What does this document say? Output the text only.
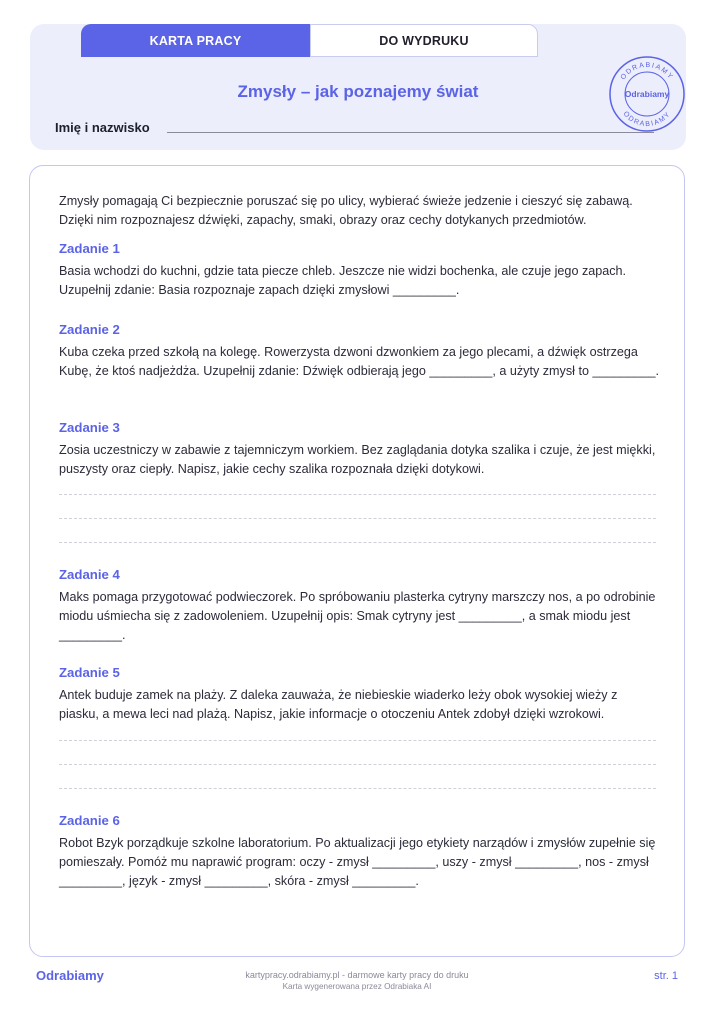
KARTA PRACY	DO WYDRUKU
Zmysły – jak poznajemy świat
Imię i nazwisko
ODRABIAMY
Odrabiamy
ODRABIAMY

Zmysły pomagają Ci bezpiecznie poruszać się po ulicy, wybierać świeże jedzenie i cieszyć się zabawą. Dzięki nim rozpoznajesz dźwięki, zapachy, smaki, obrazy oraz cechy dotykanych przedmiotów.

Zadanie 1

Basia wchodzi do kuchni, gdzie tata piecze chleb. Jeszcze nie widzi bochenka, ale czuje jego zapach. Uzupełnij zdanie: Basia rozpoznaje zapach dzięki zmysłowi _________.

Zadanie 2

Kuba czeka przed szkołą na kolegę. Rowerzysta dzwoni dzwonkiem za jego plecami, a dźwięk ostrzega Kubę, że ktoś nadjeżdża. Uzupełnij zdanie: Dźwięk odbierają jego _________, a użyty zmysł to _________.

Zadanie 3

Zosia uczestniczy w zabawie z tajemniczym workiem. Bez zaglądania dotyka szalika i czuje, że jest miękki, puszysty oraz ciepły. Napisz, jakie cechy szalika rozpoznała dzięki dotykowi.

Zadanie 4

Maks pomaga przygotować podwieczorek. Po spróbowaniu plasterka cytryny marszczy nos, a po odrobinie miodu uśmiecha się z zadowoleniem. Uzupełnij opis: Smak cytryny jest _________, a smak miodu jest _________.

Zadanie 5

Antek buduje zamek na plaży. Z daleka zauważa, że niebieskie wiaderko leży obok wysokiej wieży z piasku, a mewa leci nad plażą. Napisz, jakie informacje o otoczeniu Antek zdobył dzięki wzrokowi.

Zadanie 6

Robot Bzyk porządkuje szkolne laboratorium. Po aktualizacji jego etykiety narządów i zmysłów zupełnie się pomieszały. Pomóż mu naprawić program: oczy - zmysł _________, uszy - zmysł _________, nos - zmysł _________, język - zmysł _________, skóra - zmysł _________.

Odrabiamy	kartypracy.odrabiamy.pl - darmowe karty pracy do druku
Karta wygenerowana przez Odrabiaka AI
str. 1
